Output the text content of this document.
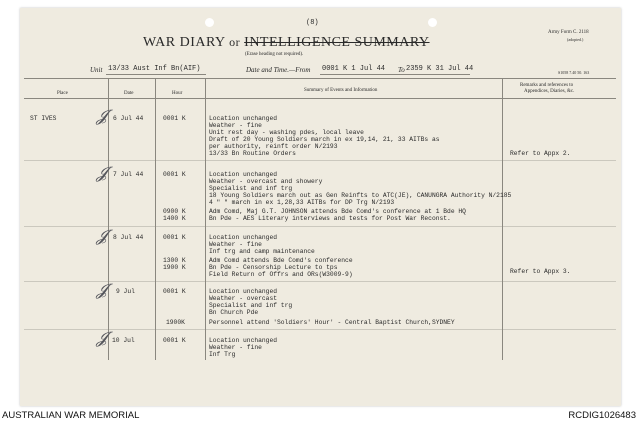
(8)
WAR DIARY or INTELLIGENCE SUMMARY
(Erase heading not required).
Army Form C. 2118
(adopted.)
Unit 13/33 Aust Inf Bn(AIF)	Date and Time.—From 0001 K 1 Jul 44 To 2359 K 31 Jul 44	S1058 7.40 50. 163
Place	Date	Hour
Summary of Events and Information
Remarks and references to
Appendices, Diaries, &c.
ST IVES 𝓙 6 Jul 44	0001 K	Location unchanged
Weather - fine
Unit rest day - washing pdes, local leave
Draft of 20 Young Soldiers march in ex 19,14, 21, 33 AITBs as
per authority, reinft order N/2193
13/33 Bn Routine Orders	Refer to Appx 2.
𝓙 7 Jul 44	0001 K	Location unchanged
Weather - overcast and showery
Specialist and inf trg
18 Young Soldiers march out as Gen Reinfts to ATC(JE), CANUNGRA Authority N/2185
4 " " march in ex 1,28,33 AITBs for DP Trg N/2193
0900 K	Adm Comd, Maj G.T. JOHNSON attends Bde Comd's conference at 1 Bde HQ
1400 K	Bn Pde - AES Literary interviews and tests for Post War Reconst.
𝓙 8 Jul 44	0001 K	Location unchanged
Weather - fine
Inf trg and camp maintenance
1300 K	Adm Comd attends Bde Comd's conference
1900 K	Bn Pde - Censorship Lecture to tps
Field Return of Offrs and ORs(W3009-9)	Refer to Appx 3.
𝓙 9 Jul	0001 K	Location unchanged
Weather - overcast
Specialist and inf trg
Bn Church Pde
1900K	Personnel attend 'Soldiers' Hour' - Central Baptist Church,SYDNEY
𝓙 10 Jul	0001 K	Location unchanged
Weather - fine
Inf Trg
AUSTRALIAN WAR MEMORIAL	RCDIG1026483
